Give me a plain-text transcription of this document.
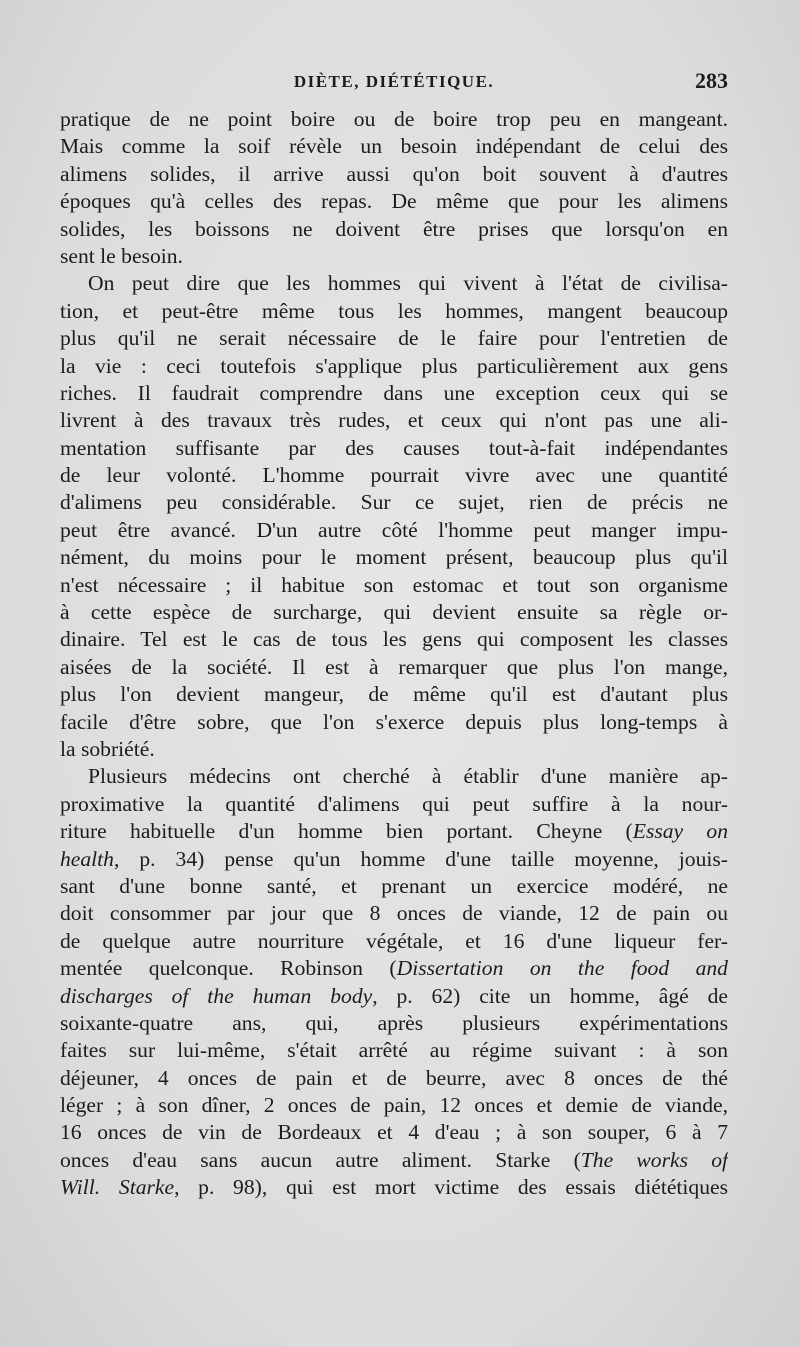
DIÈTE, DIÉTÉTIQUE.	283
pratique de ne point boire ou de boire trop peu en mangeant.
Mais comme la soif révèle un besoin indépendant de celui des
alimens solides, il arrive aussi qu'on boit souvent à d'autres
époques qu'à celles des repas. De même que pour les alimens
solides, les boissons ne doivent être prises que lorsqu'on en
sent le besoin.
On peut dire que les hommes qui vivent à l'état de civilisa-
tion, et peut-être même tous les hommes, mangent beaucoup
plus qu'il ne serait nécessaire de le faire pour l'entretien de
la vie : ceci toutefois s'applique plus particulièrement aux gens
riches. Il faudrait comprendre dans une exception ceux qui se
livrent à des travaux très rudes, et ceux qui n'ont pas une ali-
mentation suffisante par des causes tout-à-fait indépendantes
de leur volonté. L'homme pourrait vivre avec une quantité
d'alimens peu considérable. Sur ce sujet, rien de précis ne
peut être avancé. D'un autre côté l'homme peut manger impu-
nément, du moins pour le moment présent, beaucoup plus qu'il
n'est nécessaire ; il habitue son estomac et tout son organisme
à cette espèce de surcharge, qui devient ensuite sa règle or-
dinaire. Tel est le cas de tous les gens qui composent les classes
aisées de la société. Il est à remarquer que plus l'on mange,
plus l'on devient mangeur, de même qu'il est d'autant plus
facile d'être sobre, que l'on s'exerce depuis plus long-temps à
la sobriété.
Plusieurs médecins ont cherché à établir d'une manière ap-
proximative la quantité d'alimens qui peut suffire à la nour-
riture habituelle d'un homme bien portant. Cheyne (Essay on
health, p. 34) pense qu'un homme d'une taille moyenne, jouis-
sant d'une bonne santé, et prenant un exercice modéré, ne
doit consommer par jour que 8 onces de viande, 12 de pain ou
de quelque autre nourriture végétale, et 16 d'une liqueur fer-
mentée quelconque. Robinson (Dissertation on the food and
discharges of the human body, p. 62) cite un homme, âgé de
soixante-quatre ans, qui, après plusieurs expérimentations
faites sur lui-même, s'était arrêté au régime suivant : à son
déjeuner, 4 onces de pain et de beurre, avec 8 onces de thé
léger ; à son dîner, 2 onces de pain, 12 onces et demie de viande,
16 onces de vin de Bordeaux et 4 d'eau ; à son souper, 6 à 7
onces d'eau sans aucun autre aliment. Starke (The works of
Will. Starke, p. 98), qui est mort victime des essais diététiques
